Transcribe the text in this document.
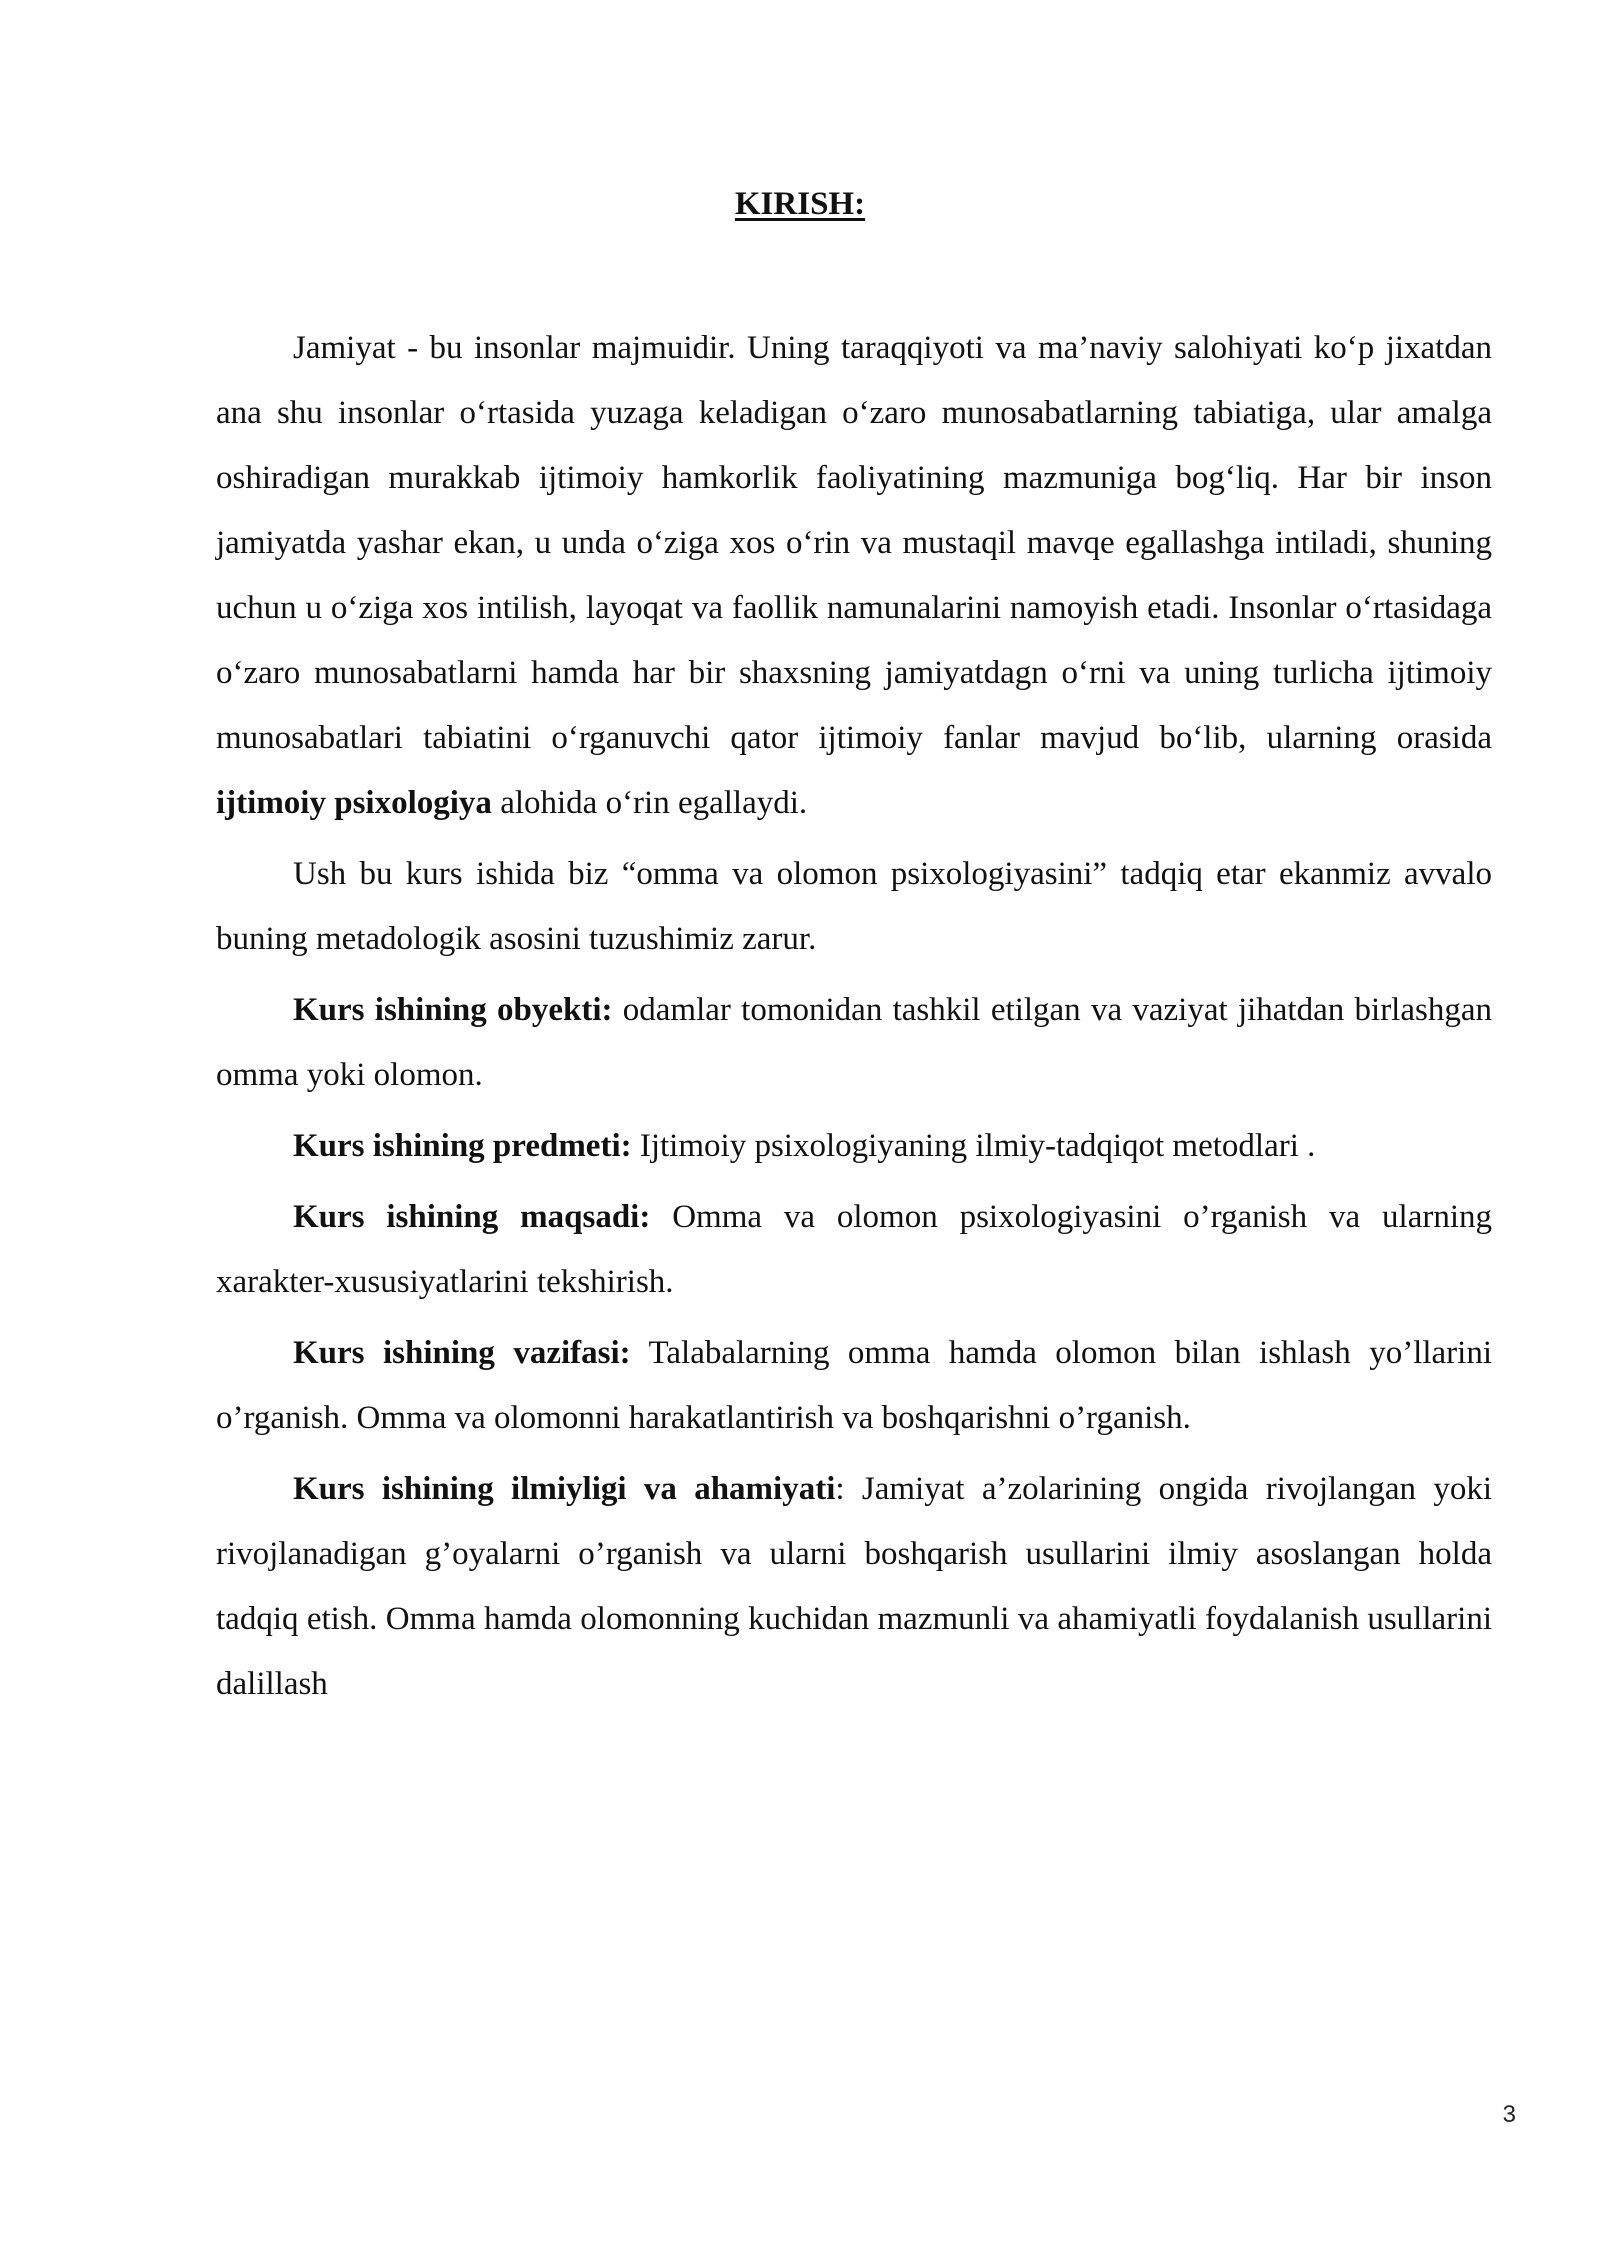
KIRISH:

Jamiyat - bu insonlar majmuidir. Uning taraqqiyoti va ma’naviy salohiyati ko‘p jixatdan ana shu insonlar o‘rtasida yuzaga keladigan o‘zaro munosabatlarning tabiatiga, ular amalga oshiradigan murakkab ijtimoiy hamkorlik faoliyatining mazmuniga bog‘liq. Har bir inson jamiyatda yashar ekan, u unda o‘ziga xos o‘rin va mustaqil mavqe egallashga intiladi, shuning uchun u o‘ziga xos intilish, layoqat va faollik namunalarini namoyish etadi. Insonlar o‘rtasidaga o‘zaro munosabatlarni hamda har bir shaxsning jamiyatdagn o‘rni va uning turlicha ijtimoiy munosabatlari tabiatini o‘rganuvchi qator ijtimoiy fanlar mavjud bo‘lib, ularning orasida ijtimoiy psixologiya alohida o‘rin egallaydi.

Ush bu kurs ishida biz “omma va olomon psixologiyasini” tadqiq etar ekanmiz avvalo buning metadologik asosini tuzushimiz zarur.

Kurs ishining obyekti: odamlar tomonidan tashkil etilgan va vaziyat jihatdan birlashgan omma yoki olomon.

Kurs ishining predmeti: Ijtimoiy psixologiyaning ilmiy-tadqiqot metodlari .

Kurs ishining maqsadi: Omma va olomon psixologiyasini o’rganish va ularning xarakter-xususiyatlarini tekshirish.

Kurs ishining vazifasi: Talabalarning omma hamda olomon bilan ishlash yo’llarini o’rganish. Omma va olomonni harakatlantirish va boshqarishni o’rganish.

Kurs ishining ilmiyligi va ahamiyati: Jamiyat a’zolarining ongida rivojlangan yoki rivojlanadigan g’oyalarni o’rganish va ularni boshqarish usullarini ilmiy asoslangan holda tadqiq etish. Omma hamda olomonning kuchidan mazmunli va ahamiyatli foydalanish usullarini dalillash

3
